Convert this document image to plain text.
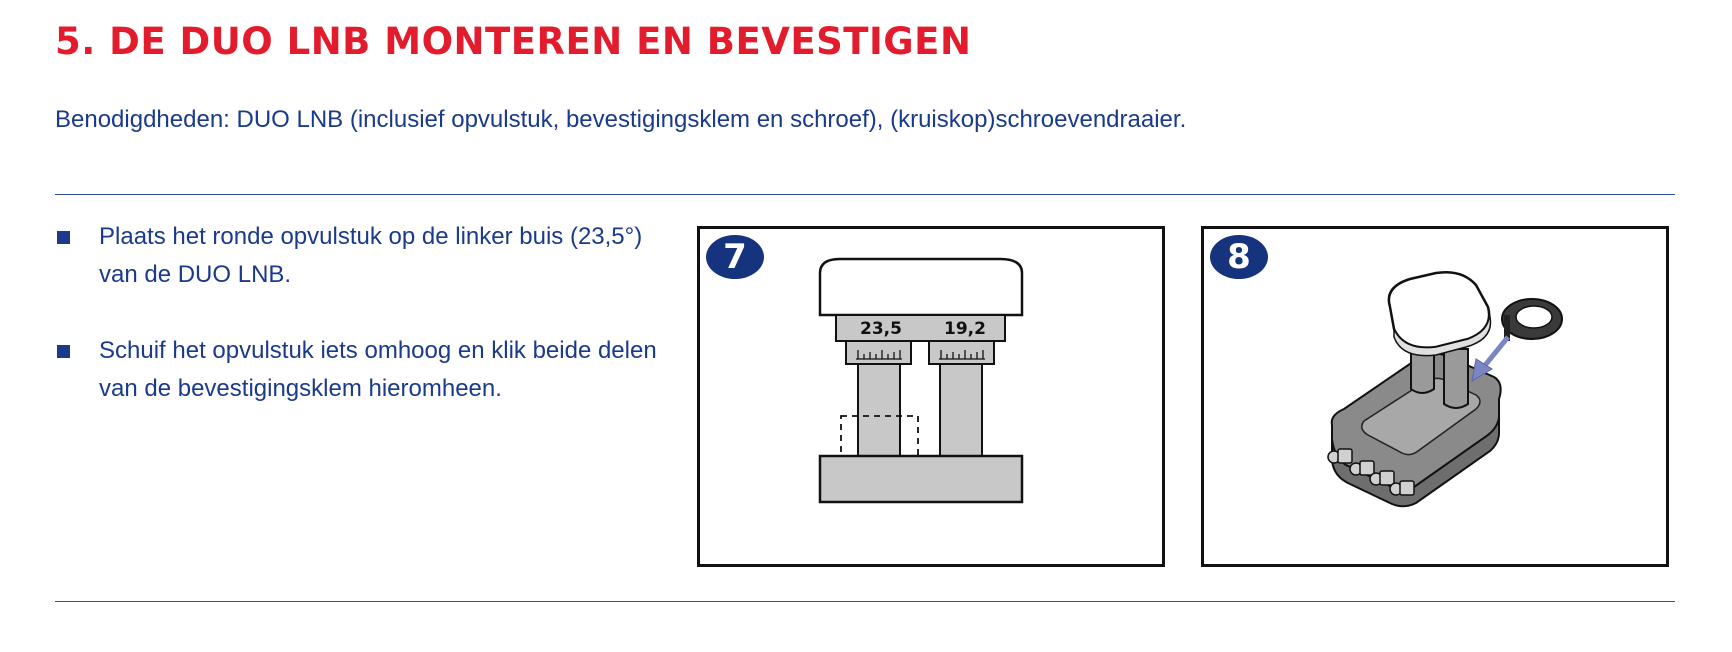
5. DE DUO LNB MONTEREN EN BEVESTIGEN
Benodigdheden: DUO LNB (inclusief opvulstuk, bevestigingsklem en schroef), (kruiskop)schroevendraaier.
Plaats het ronde opvulstuk op de linker buis (23,5°) van de DUO LNB.
Schuif het opvulstuk iets omhoog en klik beide delen van de bevestigingsklem hieromheen.
23,5 19,2
7	8
